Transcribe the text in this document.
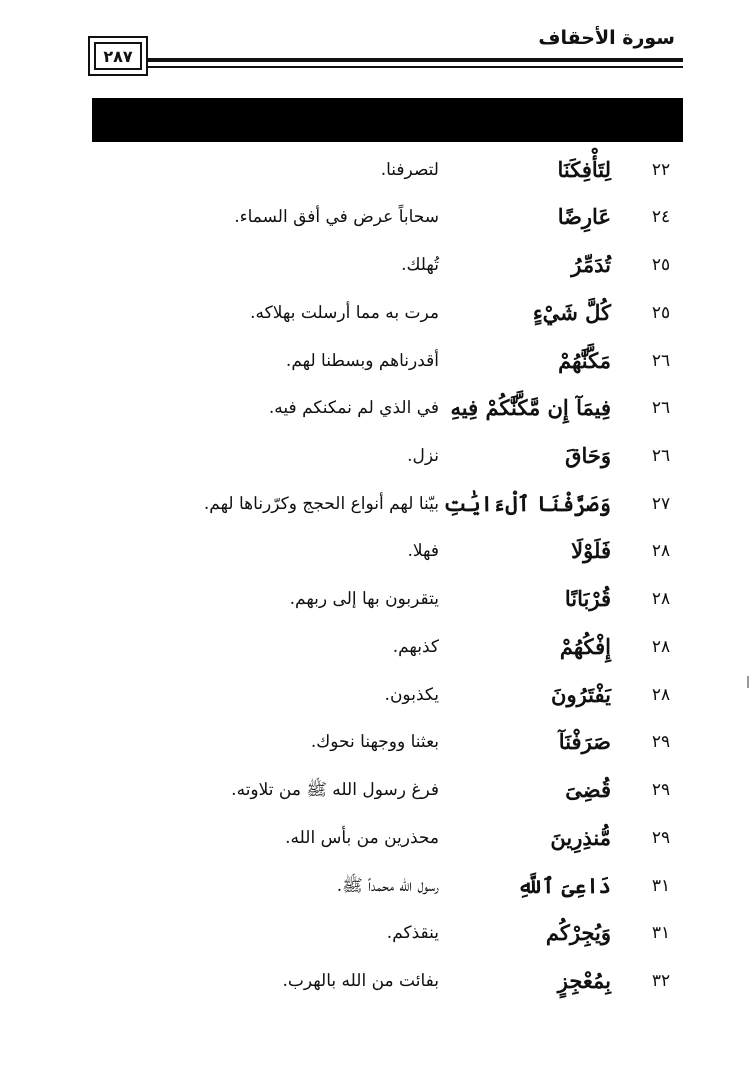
سورة الأحقاف
٢٨٧
٢٢
لِتَأْفِكَنَا
لتصرفنا.
٢٤
عَارِضًا
سحاباً عرض في أفق السماء.
٢٥
تُدَمِّرُ
تُهلك.
٢٥
كُلَّ شَيْءٍ
مرت به مما أرسلت بهلاكه.
٢٦
مَكَّنَّٰهُمْ
أقدرناهم وبسطنا لهم.
٢٦
فِيمَآ إِن مَّكَّنَّٰكُمْ فِيهِ
في الذي لم نمكنكم فيه.
٢٦
وَحَاقَ
نزل.
٢٧
وَصَرَّفْنَا ٱلْءَايَٰتِ
بيّنا لهم أنواع الحجج وكرّرناها لهم.
٢٨
فَلَوْلَا
فهلا.
٢٨
قُرْبَانًا
يتقربون بها إلى ربهم.
٢٨
إِفْكُهُمْ
كذبهم.
٢٨
يَفْتَرُونَ
يكذبون.
٢٩
صَرَفْنَآ
بعثنا ووجهنا نحوك.
٢٩
قُضِىَ
فرغ رسول الله ﷺ من تلاوته.
٢٩
مُّنذِرِينَ
محذرين من بأس الله.
٣١
دَاعِىَ ٱللَّهِ
رسول الله محمداً ﷺ.
٣١
وَيُجِرْكُم
ينقذكم.
٣٢
بِمُعْجِزٍ
بفائت من الله بالهرب.
